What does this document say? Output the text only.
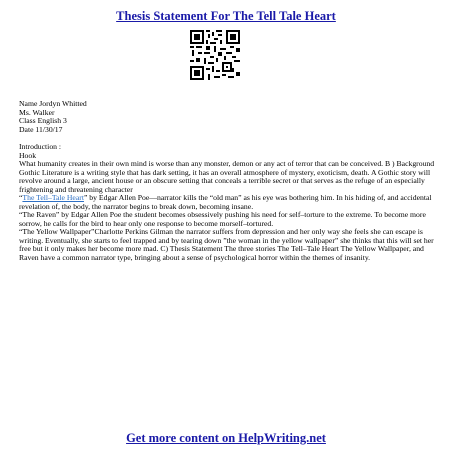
Thesis Statement For The Tell Tale Heart
Name Jordyn Whitted
Ms. Walker
Class English 3
Date 11/30/17
Introduction :
Hook
What humanity creates in their own mind is worse than any monster, demon or any act of terror that can be conceived. B ) Background
Gothic Literature is a writing style that has dark setting, it has an overall atmosphere of mystery, exoticism, death. A Gothic story will revolve around a large, ancient house or an obscure setting that conceals a terrible secret or that serves as the refuge of an especially frightening and threatening character
“The Tell–Tale Heart” by Edgar Allen Poe—narrator kills the “old man” as his eye was bothering him. In his hiding of, and accidental revelation of, the body, the narrator begins to break down, becoming insane.
“The Raven” by Edgar Allen Poe the student becomes obsessively pushing his need for self–torture to the extreme. To become more sorrow, he calls for the bird to hear only one response to become morself–tortured.
“The Yellow Wallpaper”Charlotte Perkins Gilman the narrator suffers from depression and her only way she feels she can escape is writing. Eventually, she starts to feel trapped and by tearing down ”the woman in the yellow wallpaper” she thinks that this will set her free but it only makes her become more mad. C) Thesis Statement The three stories The Tell–Tale Heart The Yellow Wallpaper, and Raven have a common narrator type, bringing about a sense of psychological horror within the themes of insanity.
Get more content on HelpWriting.net
